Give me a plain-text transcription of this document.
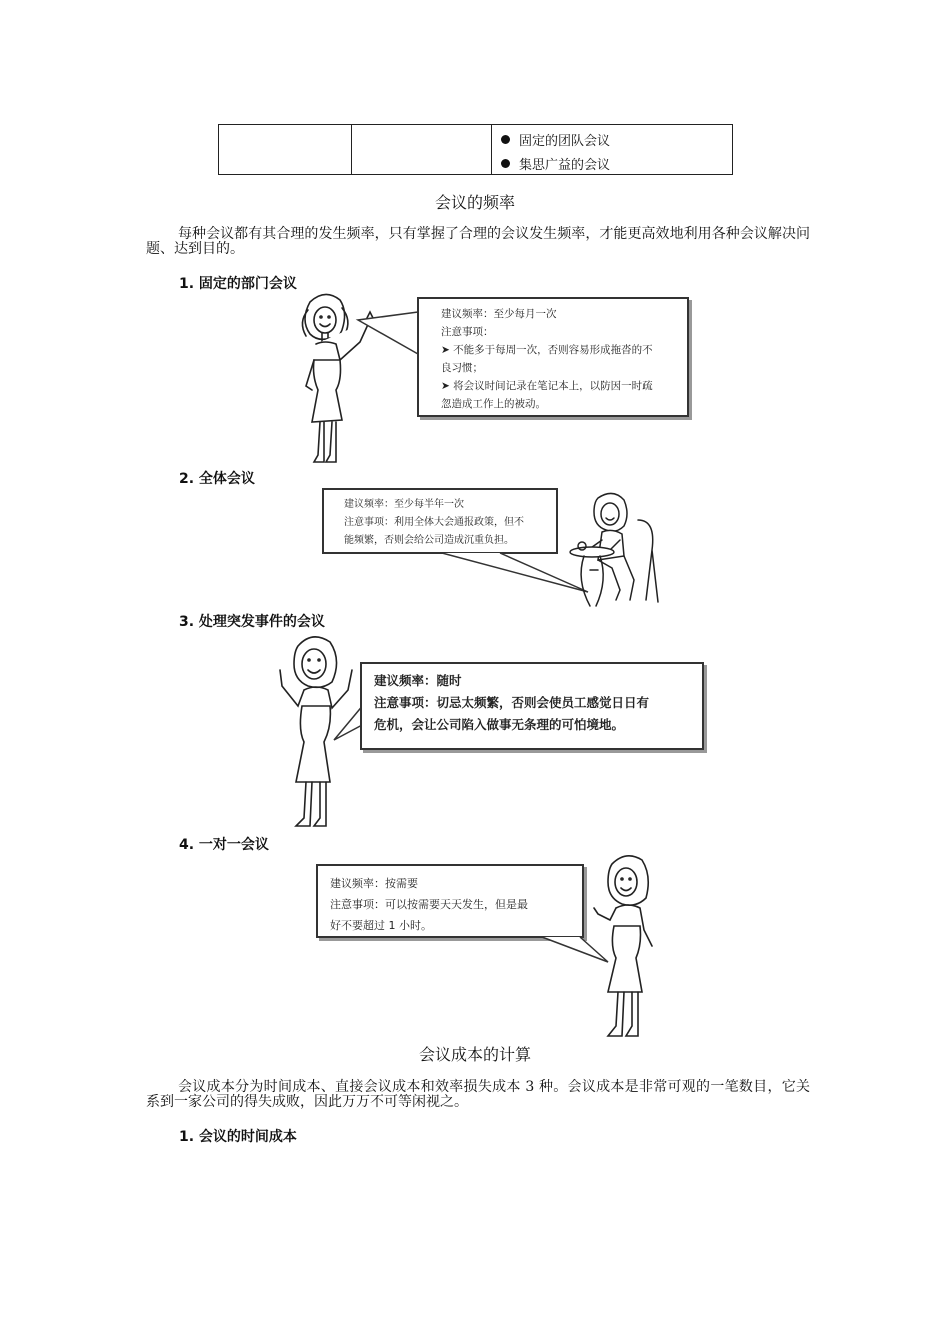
固定的团队会议
集思广益的会议
会议的频率
每种会议都有其合理的发生频率，只有掌握了合理的会议发生频率，才能更高效地利用各种会议解决问题、达到目的。
1. 固定的部门会议
建议频率：至少每月一次
注意事项：
➤ 不能多于每周一次，否则容易形成拖沓的不
良习惯；
➤ 将会议时间记录在笔记本上，以防因一时疏
忽造成工作上的被动。
2. 全体会议
建议频率：至少每半年一次
注意事项：利用全体大会通报政策，但不
能频繁，否则会给公司造成沉重负担。
3. 处理突发事件的会议
建议频率：随时
注意事项：切忌太频繁，否则会使员工感觉日日有
危机，会让公司陷入做事无条理的可怕境地。
4. 一对一会议
建议频率：按需要
注意事项：可以按需要天天发生，但是最
好不要超过 1 小时。
会议成本的计算
会议成本分为时间成本、直接会议成本和效率损失成本 3 种。会议成本是非常可观的一笔数目，它关系到一家公司的得失成败，因此万万不可等闲视之。
1. 会议的时间成本
